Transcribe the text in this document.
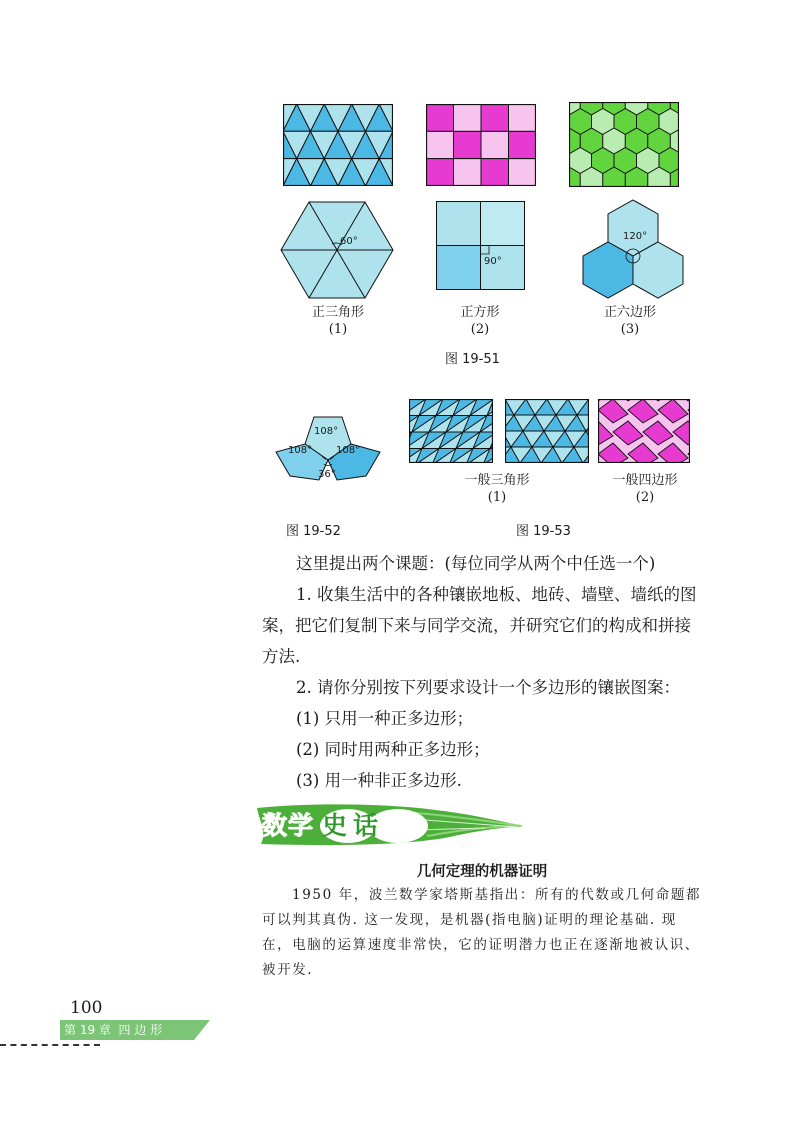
60°
90°
120°
正三角形
(1)
正方形
(2)
正六边形
(3)
图 19-51
108°
108° 108°
36°
图 19-52
一般三角形
(1)
一般四边形
(2)
图 19-53
这里提出两个课题：(每位同学从两个中任选一个)
1. 收集生活中的各种镶嵌地板、地砖、墙壁、墙纸的图
案，把它们复制下来与同学交流，并研究它们的构成和拼接
方法.
2. 请你分别按下列要求设计一个多边形的镶嵌图案：
(1) 只用一种正多边形；
(2) 同时用两种正多边形；
(3) 用一种非正多边形.
数学 史话
几何定理的机器证明
1950 年，波兰数学家塔斯基指出：所有的代数或几何命题都
可以判其真伪. 这一发现，是机器(指电脑)证明的理论基础. 现
在，电脑的运算速度非常快，它的证明潜力也正在逐渐地被认识、
被开发.
100
第 19 章  四 边 形
